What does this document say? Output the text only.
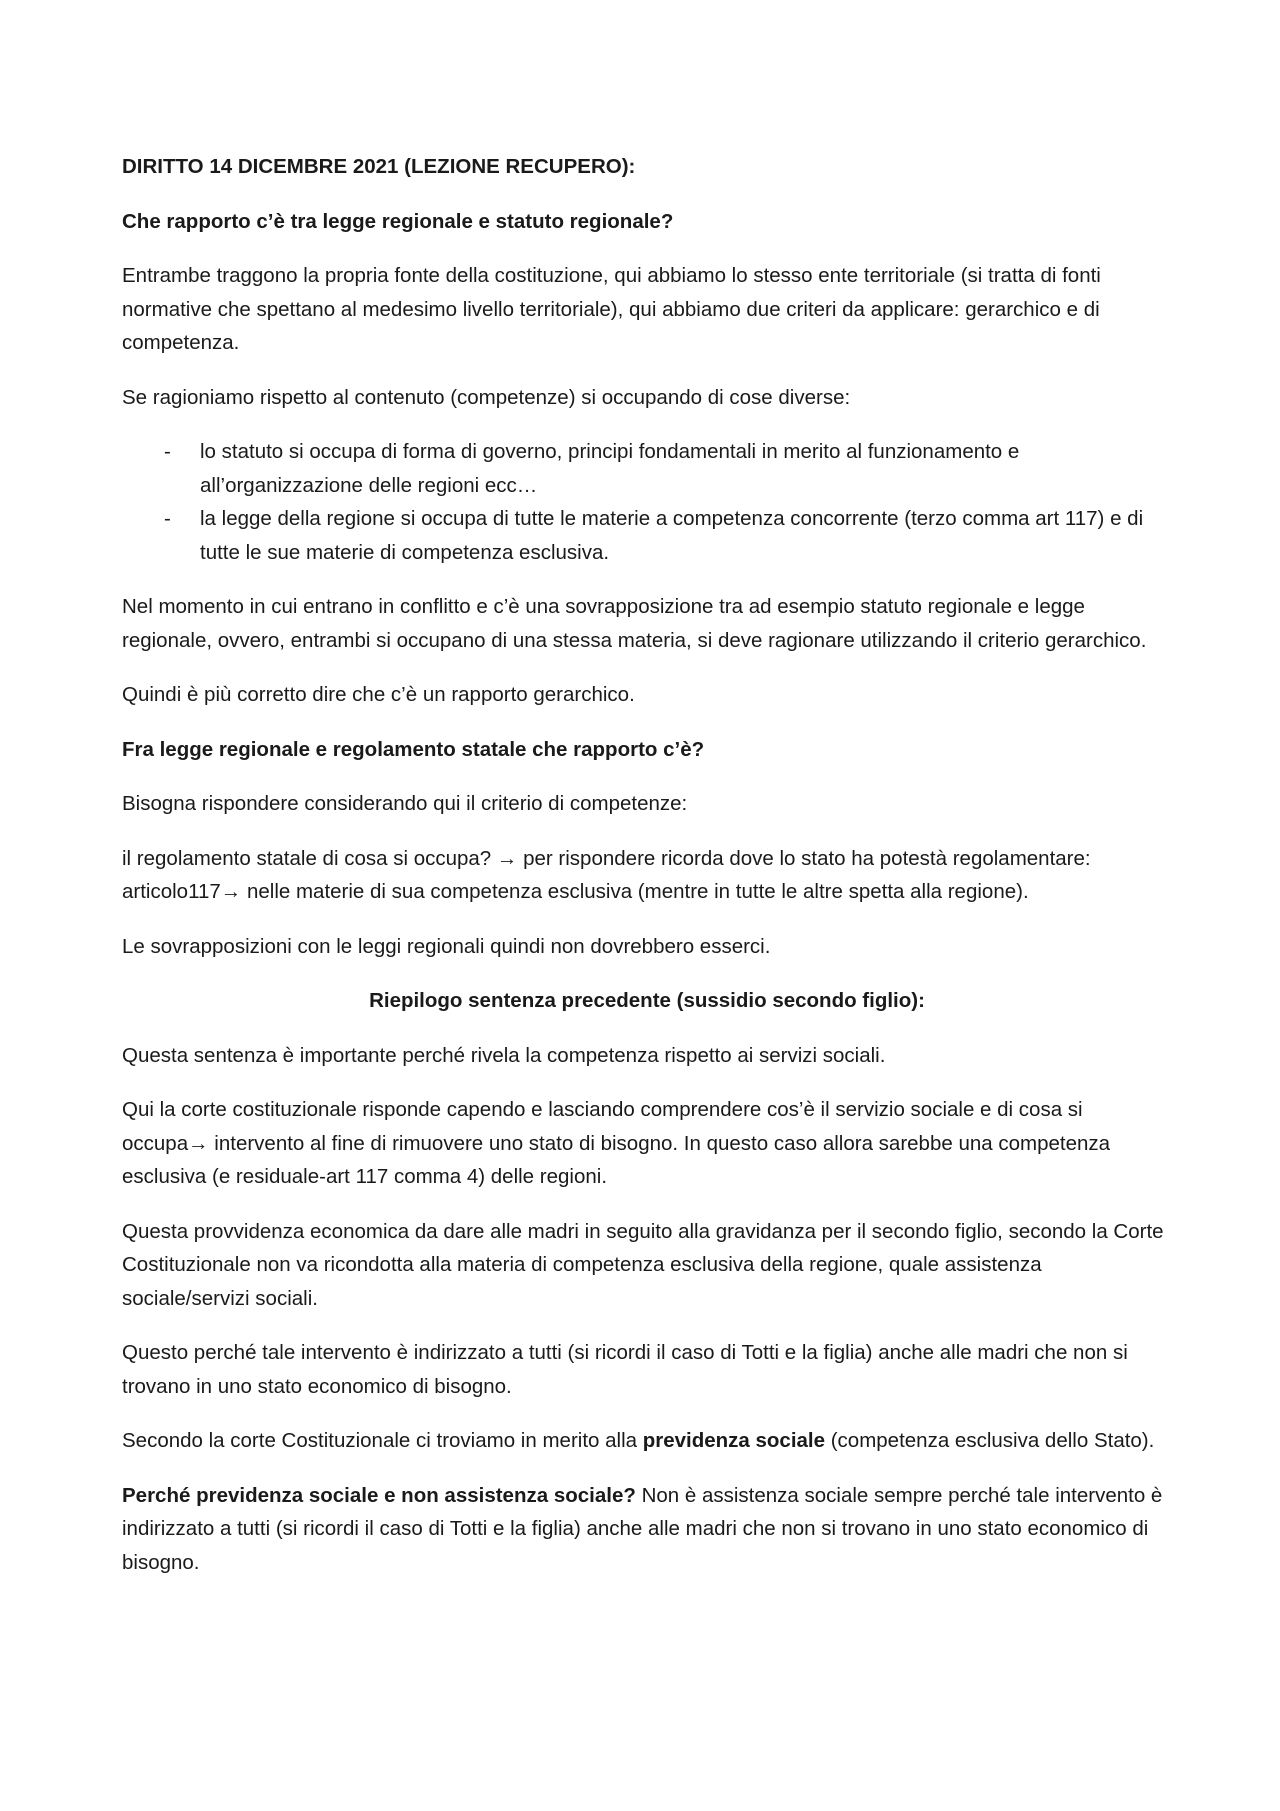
DIRITTO 14 DICEMBRE 2021 (LEZIONE RECUPERO):

Che rapporto c’è tra legge regionale e statuto regionale?

Entrambe traggono la propria fonte della costituzione, qui abbiamo lo stesso ente territoriale (si tratta di fonti normative che spettano al medesimo livello territoriale), qui abbiamo due criteri da applicare: gerarchico e di competenza.

Se ragioniamo rispetto al contenuto (competenze) si occupando di cose diverse:

- lo statuto si occupa di forma di governo, principi fondamentali in merito al funzionamento e all’organizzazione delle regioni ecc…
- la legge della regione si occupa di tutte le materie a competenza concorrente (terzo comma art 117) e di tutte le sue materie di competenza esclusiva.

Nel momento in cui entrano in conflitto e c’è una sovrapposizione tra ad esempio statuto regionale e legge regionale, ovvero, entrambi si occupano di una stessa materia, si deve ragionare utilizzando il criterio gerarchico.

Quindi è più corretto dire che c’è un rapporto gerarchico.

Fra legge regionale e regolamento statale che rapporto c’è?

Bisogna rispondere considerando qui il criterio di competenze:

il regolamento statale di cosa si occupa? → per rispondere ricorda dove lo stato ha potestà regolamentare: articolo117→ nelle materie di sua competenza esclusiva (mentre in tutte le altre spetta alla regione).

Le sovrapposizioni con le leggi regionali quindi non dovrebbero esserci.

Riepilogo sentenza precedente (sussidio secondo figlio):

Questa sentenza è importante perché rivela la competenza rispetto ai servizi sociali.

Qui la corte costituzionale risponde capendo e lasciando comprendere cos’è il servizio sociale e di cosa si occupa→ intervento al fine di rimuovere uno stato di bisogno. In questo caso allora sarebbe una competenza esclusiva (e residuale-art 117 comma 4) delle regioni.

Questa provvidenza economica da dare alle madri in seguito alla gravidanza per il secondo figlio, secondo la Corte Costituzionale non va ricondotta alla materia di competenza esclusiva della regione, quale assistenza sociale/servizi sociali.

Questo perché tale intervento è indirizzato a tutti (si ricordi il caso di Totti e la figlia) anche alle madri che non si trovano in uno stato economico di bisogno.

Secondo la corte Costituzionale ci troviamo in merito alla previdenza sociale (competenza esclusiva dello Stato).

Perché previdenza sociale e non assistenza sociale? Non è assistenza sociale sempre perché tale intervento è indirizzato a tutti (si ricordi il caso di Totti e la figlia) anche alle madri che non si trovano in uno stato economico di bisogno.
